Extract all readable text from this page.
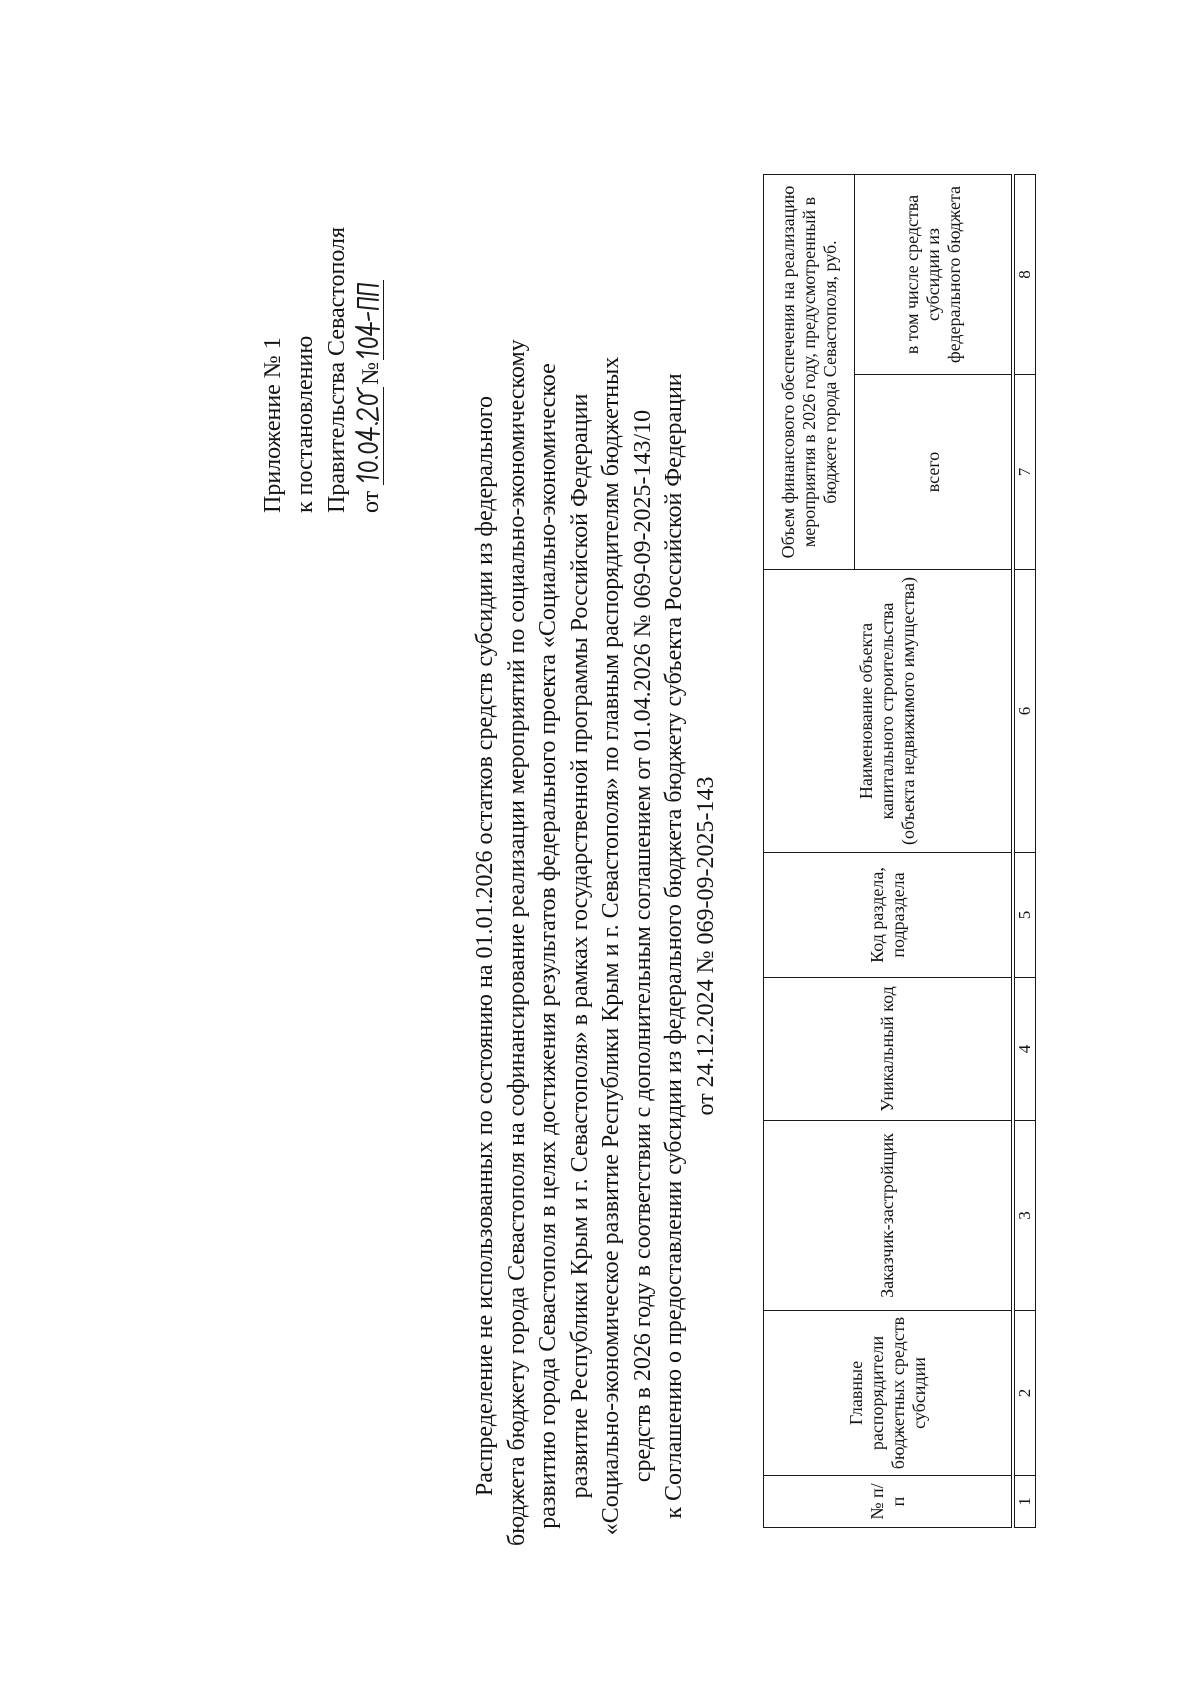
Приложение № 1 к постановлению Правительства Севастополя от
№
Распределение не использованных по состоянию на 01.01.2026 остатков средств субсидии из федерального бюджета бюджету города Севастополя на софинансирование реализации мероприятий по социально-экономическому развитию города Севастополя в целях достижения результатов федерального проекта «Социально-экономическое развитие Республики Крым и г. Севастополя» в рамках государственной программы Российской Федерации «Социально-экономическое развитие Республики Крым и г. Севастополя» по главным распорядителям бюджетных средств в 2026 году в соответствии с дополнительным соглашением от 01.04.2026 № 069-09-2025-143/10 к Соглашению о предоставлении субсидии из федерального бюджета бюджету субъекта Российской Федерации от 24.12.2024 № 069-09-2025-143
№ п/п	Главные распорядители бюджетных средств субсидии	Заказчик-застройщик	Уникальный код	Код раздела, подраздела	Наименование объекта капитального строительства (объекта недвижимого имущества)	Объем финансового обеспечения на реализацию мероприятия в 2026 году, предусмотренный в бюджете города Севастополя, руб.	
						всего	в том числе средства субсидии из федерального бюджета
1	2	3	4	5	6	7	8
